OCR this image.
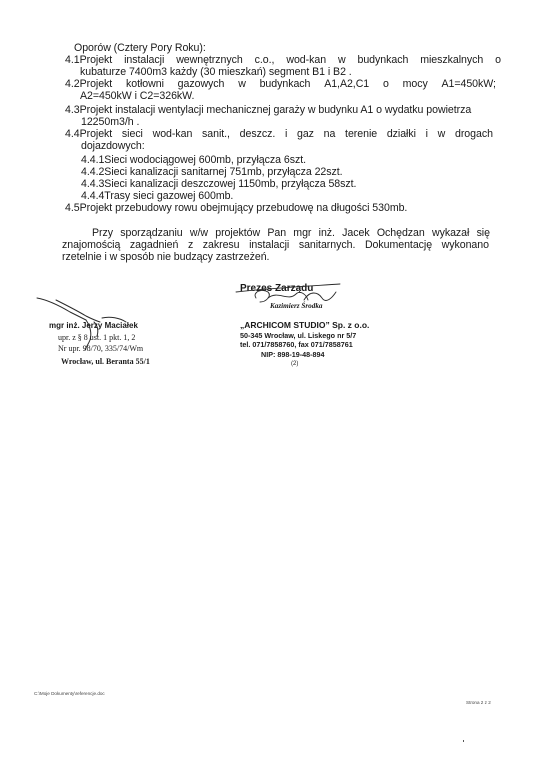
Oporów (Cztery Pory Roku):
4.1Projekt instalacji wewnętrznych c.o., wod-kan w budynkach mieszkalnych o
kubaturze 7400m3 każdy (30 mieszkań) segment B1 i B2 .
4.2Projekt kotłowni gazowych w budynkach A1,A2,C1 o mocy A1=450kW;
A2=450kW i C2=326kW.
4.3Projekt instalacji wentylacji mechanicznej garaży w budynku A1 o wydatku powietrza
12250m3/h .
4.4Projekt sieci wod-kan sanit., deszcz. i gaz na terenie działki i w drogach
dojazdowych:
4.4.1Sieci wodociągowej 600mb, przyłącza 6szt.
4.4.2Sieci kanalizacji sanitarnej 751mb, przyłącza 22szt.
4.4.3Sieci kanalizacji deszczowej 1150mb, przyłącza 58szt.
4.4.4Trasy sieci gazowej 600mb.
4.5Projekt przebudowy rowu obejmujący przebudowę na długości 530mb.
Przy sporządzaniu w/w projektów Pan mgr inż. Jacek Ochędzan wykazał się
znajomością zagadnień z zakresu instalacji sanitarnych. Dokumentację wykonano
rzetelnie i w sposób nie budzący zastrzeżeń.
mgr inż. Jerzy Maciałek
upr. z § 8 ust. 1 pkt. 1, 2
Nr upr. 98/70, 335/74/Wm
Wrocław, ul. Beranta 55/1
Prezes Zarządu
Kazimierz Środka
„ARCHICOM STUDIO” Sp. z o.o.
50-345 Wrocław, ul. Liskego nr 5/7
tel. 071/7858760, fax 071/7858761
NIP: 898-19-48-894
(2)
C:\Moje Dokumenty\referencje.doc
Strona 2 z 2
